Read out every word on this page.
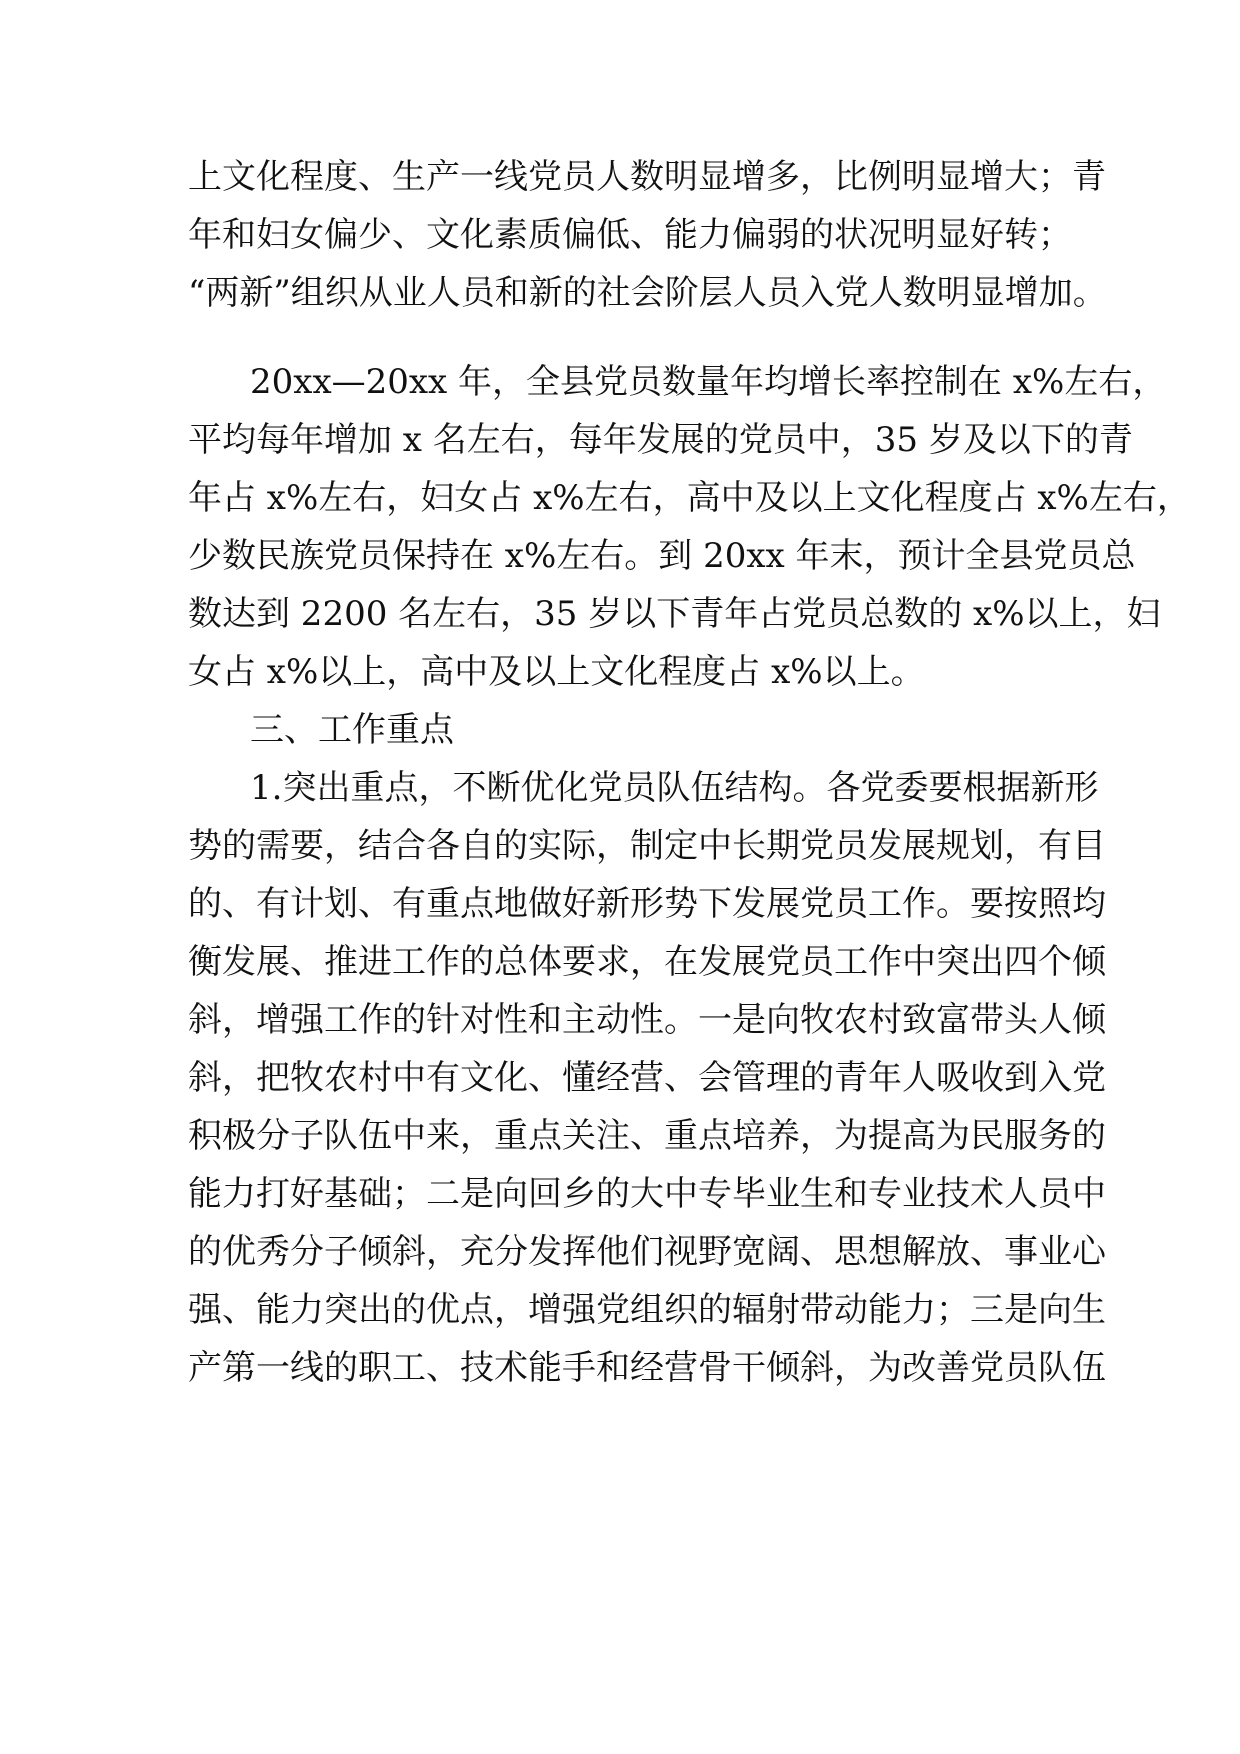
上文化程度、生产一线党员人数明显增多，比例明显增大；青
年和妇女偏少、文化素质偏低、能力偏弱的状况明显好转；
“两新”组织从业人员和新的社会阶层人员入党人数明显增加。
20xx—20xx 年，全县党员数量年均增长率控制在 x%左右，
平均每年增加 x 名左右，每年发展的党员中，35 岁及以下的青
年占 x%左右，妇女占 x%左右，高中及以上文化程度占 x%左右，
少数民族党员保持在 x%左右。到 20xx 年末，预计全县党员总
数达到 2200 名左右，35 岁以下青年占党员总数的 x%以上，妇
女占 x%以上，高中及以上文化程度占 x%以上。
三、工作重点
1.突出重点，不断优化党员队伍结构。各党委要根据新形
势的需要，结合各自的实际，制定中长期党员发展规划，有目
的、有计划、有重点地做好新形势下发展党员工作。要按照均
衡发展、推进工作的总体要求，在发展党员工作中突出四个倾
斜，增强工作的针对性和主动性。一是向牧农村致富带头人倾
斜，把牧农村中有文化、懂经营、会管理的青年人吸收到入党
积极分子队伍中来，重点关注、重点培养，为提高为民服务的
能力打好基础；二是向回乡的大中专毕业生和专业技术人员中
的优秀分子倾斜，充分发挥他们视野宽阔、思想解放、事业心
强、能力突出的优点，增强党组织的辐射带动能力；三是向生
产第一线的职工、技术能手和经营骨干倾斜，为改善党员队伍
